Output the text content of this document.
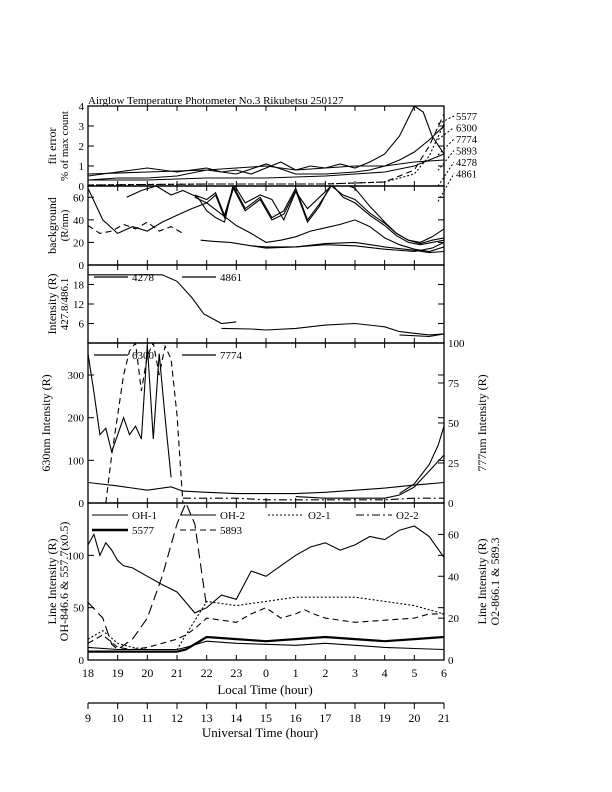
Airglow Temperature Photometer No.3 Rikubetsu 250127
0
1
2
3
4
fit error % of max count	5577
6300
7774
5893
4278
4861
0
20
40
60
background (R/nm)
6
12
18
Intensity (R) 427.8/486.1	4278	4861
0
100
200
300
0
25
50
75
100
630nm Intensity (R)	777nm Intensity (R)
6300	7774
0
50
100
0
20
40
60
Line Intensity (R)
OH-846.6 & 557.7(x0.5)	Line Intensity (R) O2-866.1 & 589.3
OH-1	OH-2	O2-1	O2-2
5577	5893
18 19 20 21 22 23 0 1 2 3 4 5 6
Local Time (hour)
9 10 11 12 13 14 15 16 17 18 19 20 21
Universal Time (hour)
